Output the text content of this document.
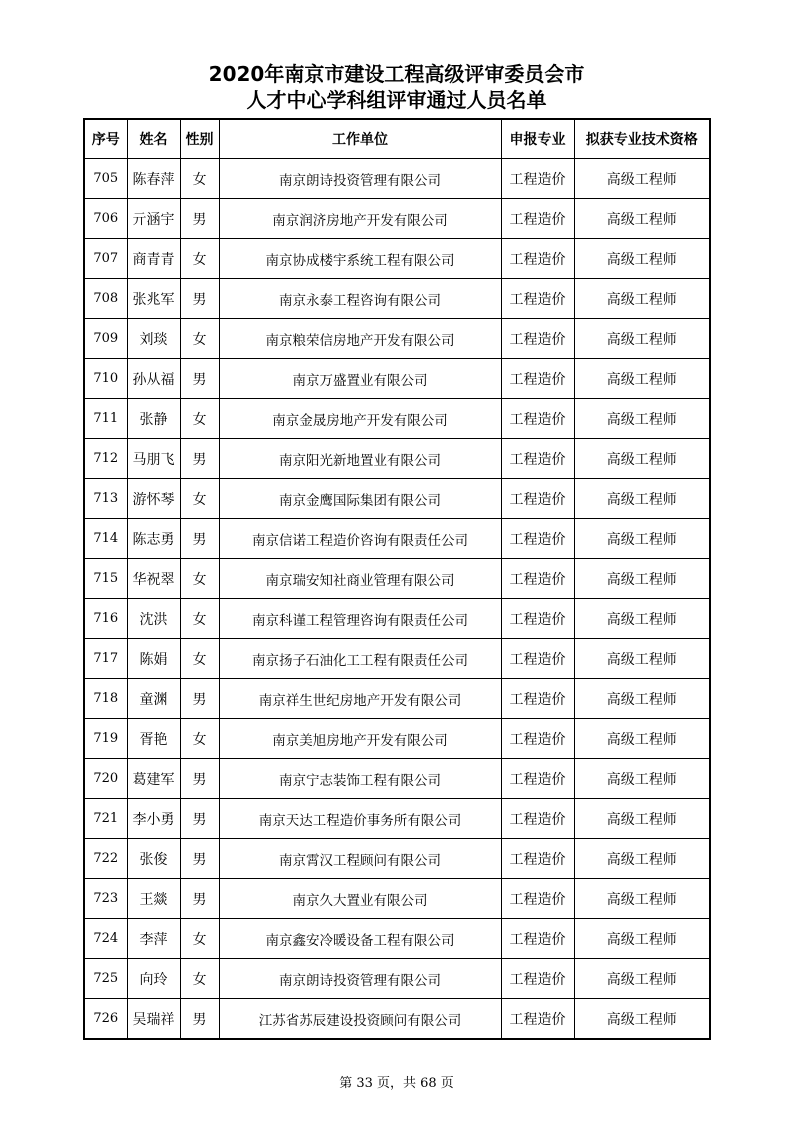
2020年南京市建设工程高级评审委员会市
人才中心学科组评审通过人员名单
序号	姓名	性别	工作单位	申报专业	拟获专业技术资格
705	陈春萍	女	南京朗诗投资管理有限公司	工程造价	高级工程师
706	亓涵宇	男	南京润济房地产开发有限公司	工程造价	高级工程师
707	商青青	女	南京协成楼宇系统工程有限公司	工程造价	高级工程师
708	张兆军	男	南京永泰工程咨询有限公司	工程造价	高级工程师
709	刘琰	女	南京粮荣信房地产开发有限公司	工程造价	高级工程师
710	孙从福	男	南京万盛置业有限公司	工程造价	高级工程师
711	张静	女	南京金晟房地产开发有限公司	工程造价	高级工程师
712	马朋飞	男	南京阳光新地置业有限公司	工程造价	高级工程师
713	游怀琴	女	南京金鹰国际集团有限公司	工程造价	高级工程师
714	陈志勇	男	南京信诺工程造价咨询有限责任公司	工程造价	高级工程师
715	华祝翠	女	南京瑞安知社商业管理有限公司	工程造价	高级工程师
716	沈洪	女	南京科谨工程管理咨询有限责任公司	工程造价	高级工程师
717	陈娟	女	南京扬子石油化工工程有限责任公司	工程造价	高级工程师
718	童渊	男	南京祥生世纪房地产开发有限公司	工程造价	高级工程师
719	胥艳	女	南京美旭房地产开发有限公司	工程造价	高级工程师
720	葛建军	男	南京宁志装饰工程有限公司	工程造价	高级工程师
721	李小勇	男	南京天达工程造价事务所有限公司	工程造价	高级工程师
722	张俊	男	南京霄汉工程顾问有限公司	工程造价	高级工程师
723	王燚	男	南京久大置业有限公司	工程造价	高级工程师
724	李萍	女	南京鑫安冷暖设备工程有限公司	工程造价	高级工程师
725	向玲	女	南京朗诗投资管理有限公司	工程造价	高级工程师
726	吴瑞祥	男	江苏省苏辰建设投资顾问有限公司	工程造价	高级工程师
第 33 页，共 68 页
